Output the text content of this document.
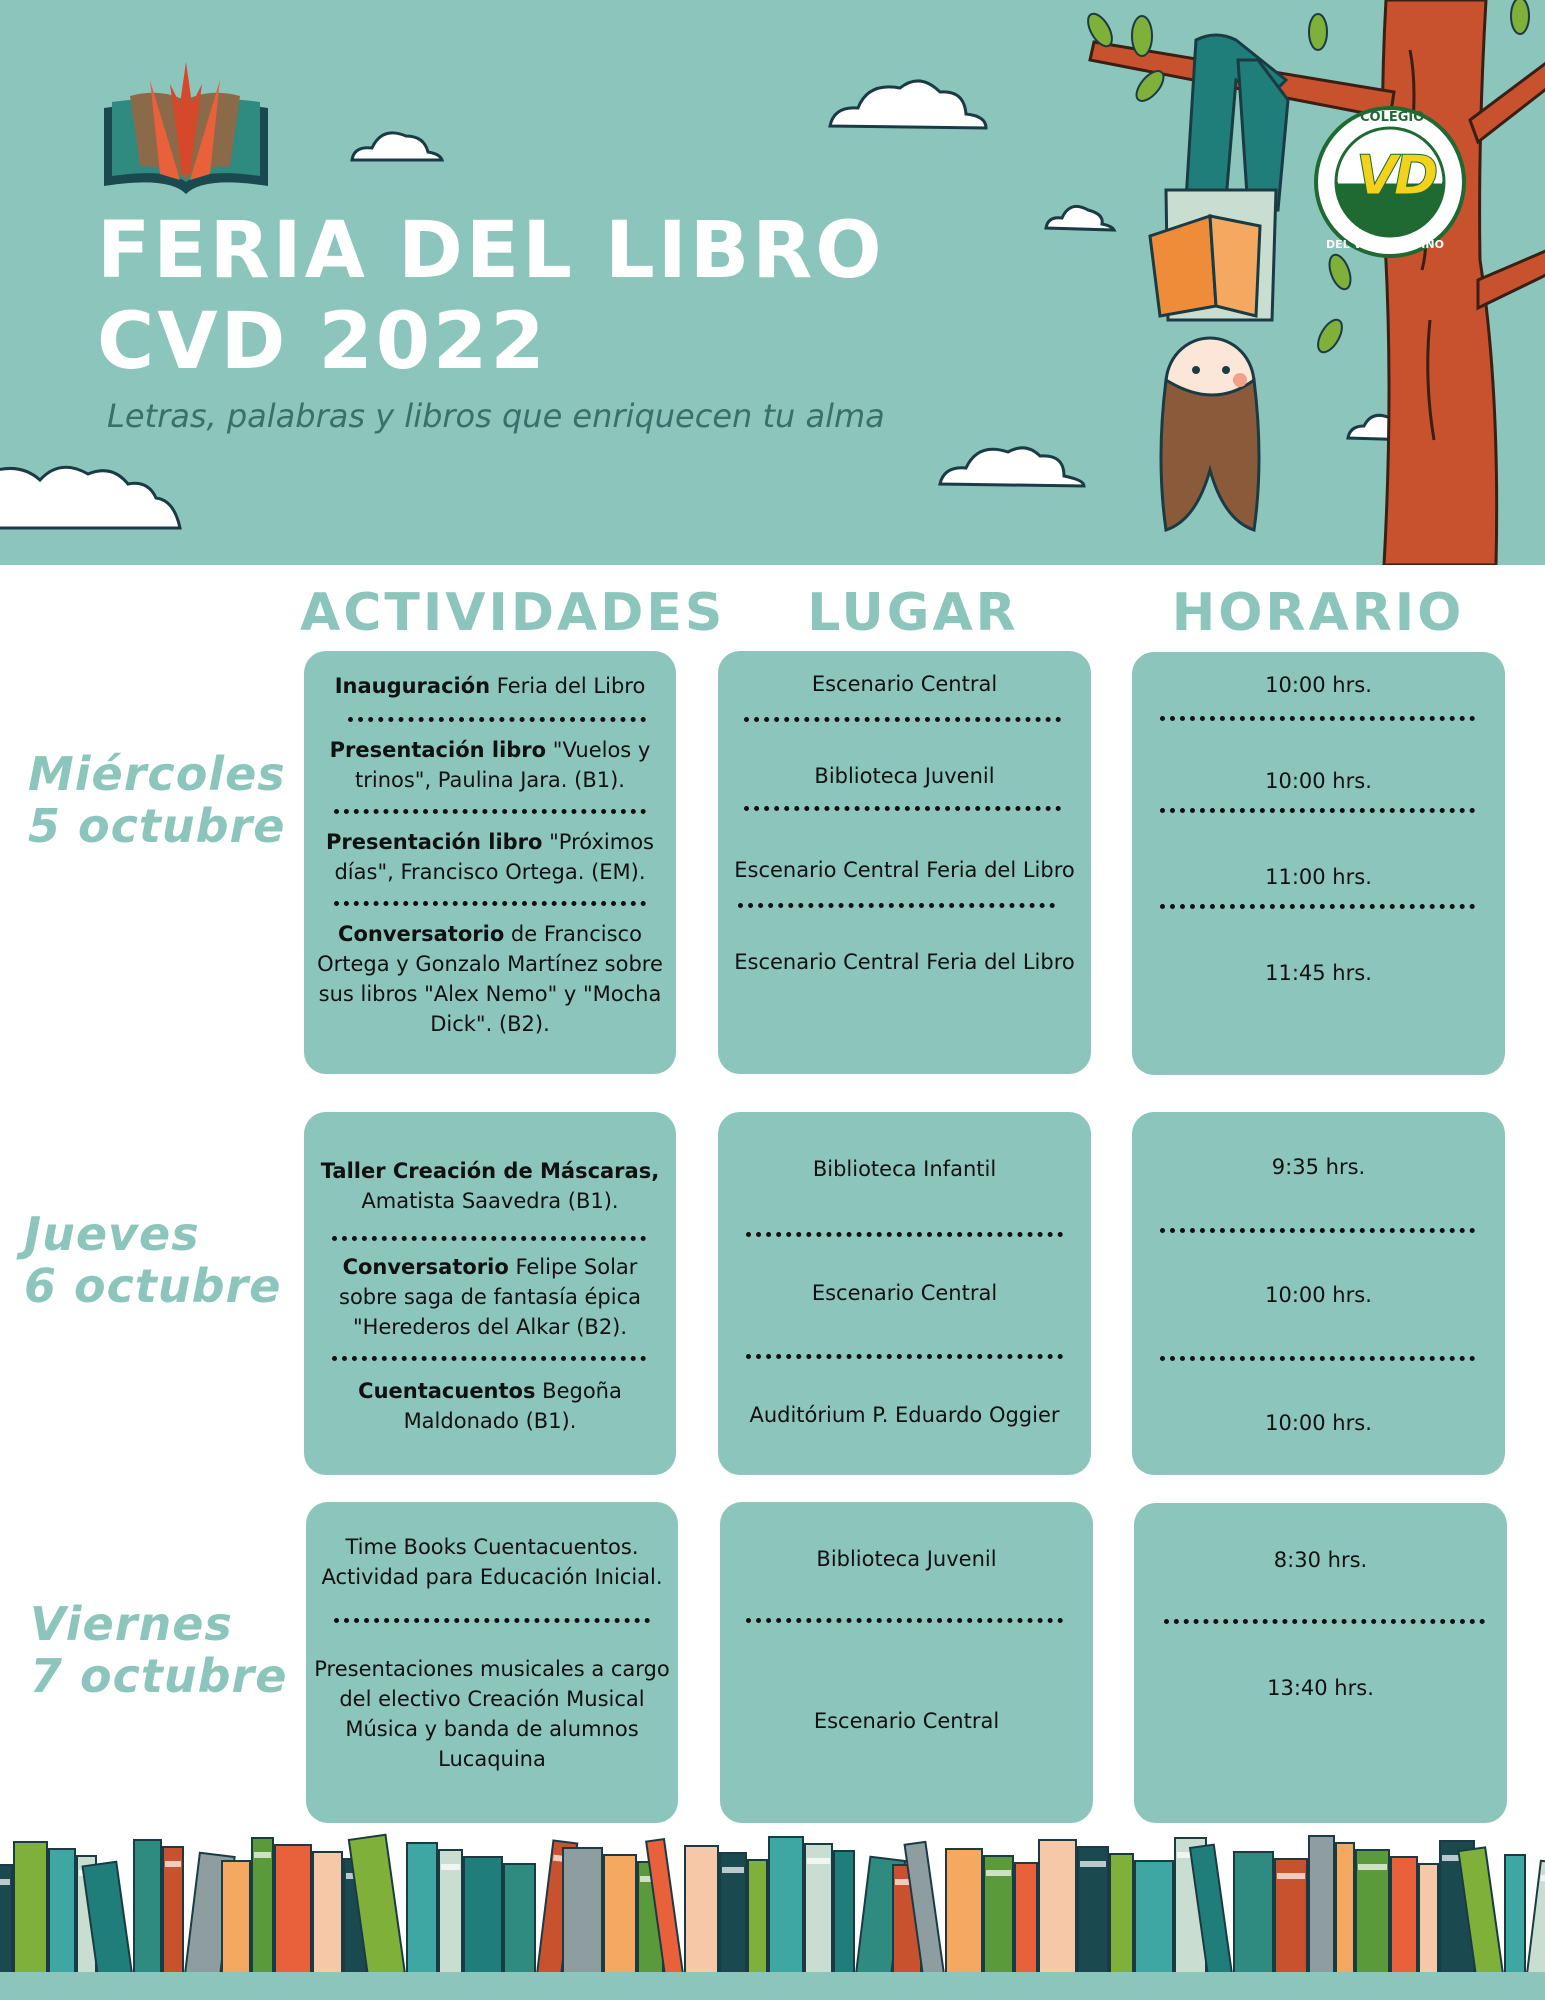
FERIA DEL LIBRO
CVD 2022
Letras, palabras y libros que enriquecen tu alma
COLEGIO
VD
DEL VERBO DIVINO
ACTIVIDADES	LUGAR	HORARIO
Miércoles
5 octubre
Inauguración Feria del Libro
Presentación libro "Vuelos y trinos", Paulina Jara. (B1).
Presentación libro "Próximos días", Francisco Ortega. (EM).
Conversatorio de Francisco Ortega y Gonzalo Martínez sobre sus libros "Alex Nemo" y "Mocha Dick". (B2).
Escenario Central
Biblioteca Juvenil
Escenario Central Feria del Libro
Escenario Central Feria del Libro
10:00 hrs.
10:00 hrs.
11:00 hrs.
11:45 hrs.
Jueves
6 octubre
Taller Creación de Máscaras, Amatista Saavedra (B1).
Conversatorio Felipe Solar sobre saga de fantasía épica "Herederos del Alkar (B2).
Cuentacuentos Begoña Maldonado (B1).
Biblioteca Infantil
Escenario Central
Auditórium P. Eduardo Oggier
9:35 hrs.
10:00 hrs.
10:00 hrs.
Viernes
7 octubre
Time Books Cuentacuentos. Actividad para Educación Inicial.
Presentaciones musicales a cargo del electivo Creación Musical Música y banda de alumnos Lucaquina
Biblioteca Juvenil
Escenario Central
8:30 hrs.
13:40 hrs.
